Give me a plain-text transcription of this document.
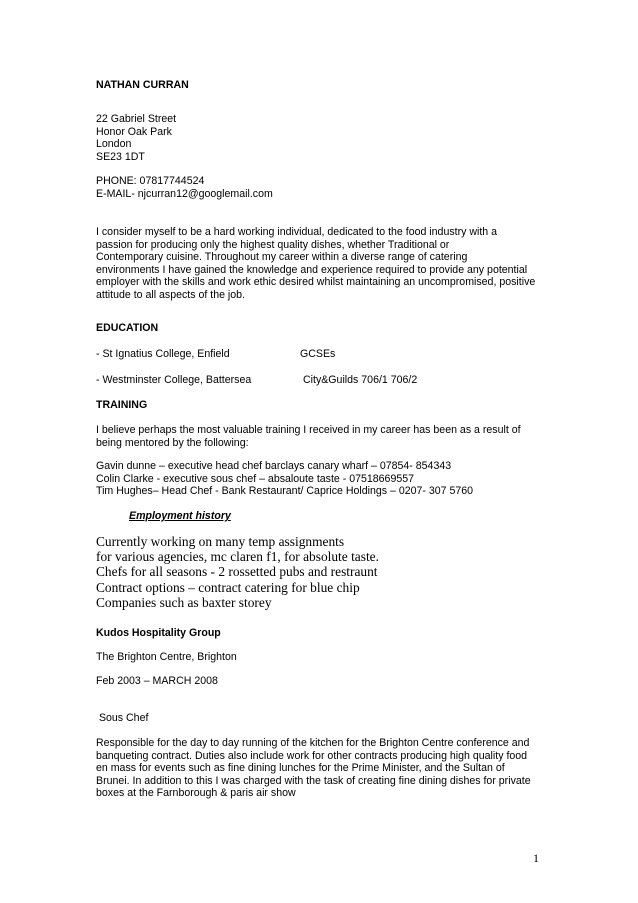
NATHAN CURRAN
22 Gabriel Street
Honor Oak Park
London
SE23 1DT
PHONE: 07817744524
E-MAIL- njcurran12@googlemail.com
I consider myself to be a hard working individual, dedicated to the food industry with a
passion for producing only the highest quality dishes, whether Traditional or
Contemporary cuisine. Throughout my career within a diverse range of catering
environments I have gained the knowledge and experience required to provide any potential
employer with the skills and work ethic desired whilst maintaining an uncompromised, positive
attitude to all aspects of the job.
EDUCATION
- St Ignatius College, Enfield	GCSEs
- Westminster College, Battersea	City&Guilds 706/1 706/2
TRAINING
I believe perhaps the most valuable training I received in my career has been as a result of
being mentored by the following:
Gavin dunne – executive head chef barclays canary wharf – 07854- 854343
Colin Clarke - executive sous chef – absaloute taste - 07518669557
Tim Hughes– Head Chef - Bank Restaurant/ Caprice Holdings – 0207- 307 5760
Employment history
Currently working on many temp assignments
for various agencies, mc claren f1, for absolute taste.
Chefs for all seasons - 2 rossetted pubs and restraunt
Contract options – contract catering for blue chip
Companies such as baxter storey
Kudos Hospitality Group
The Brighton Centre, Brighton
Feb 2003 – MARCH 2008
Sous Chef
Responsible for the day to day running of the kitchen for the Brighton Centre conference and
banqueting contract. Duties also include work for other contracts producing high quality food
en mass for events such as fine dining lunches for the Prime Minister, and the Sultan of
Brunei. In addition to this I was charged with the task of creating fine dining dishes for private
boxes at the Farnborough & paris air show
1
